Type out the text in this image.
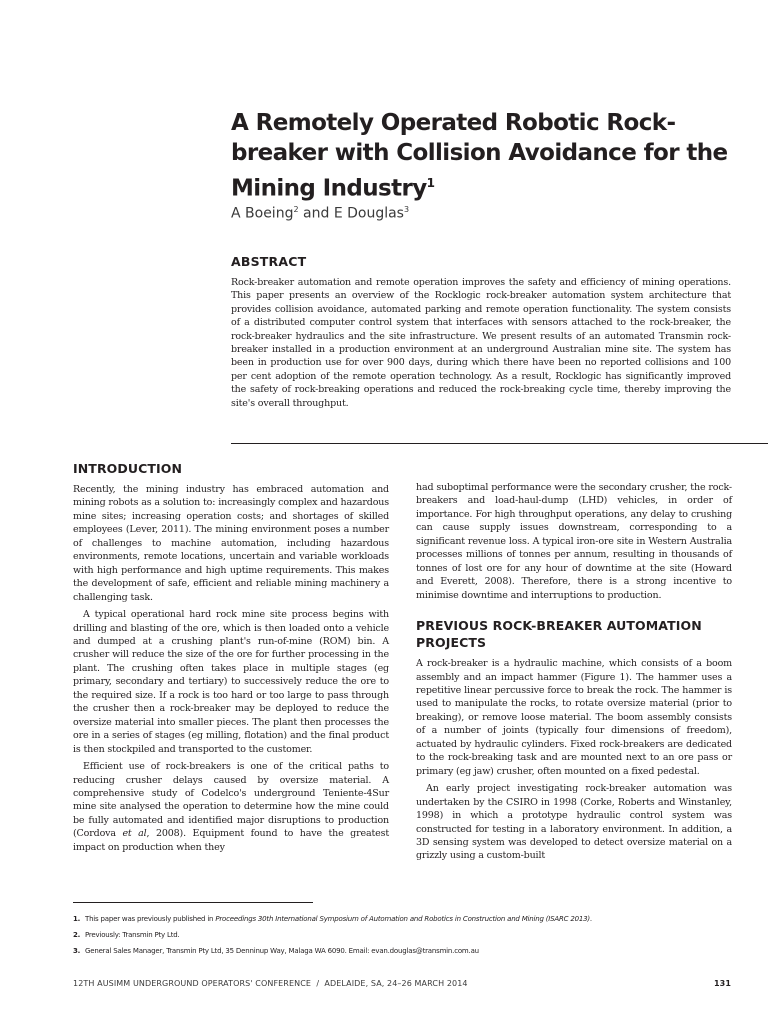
A Remotely Operated Robotic Rock-breaker with Collision Avoidance for the Mining Industry$^1$
A Boeing$^2$ and E Douglas$^3$
ABSTRACT

Rock-breaker automation and remote operation improves the safety and efficiency of mining operations. This paper presents an overview of the Rocklogic rock-breaker automation system architecture that provides collision avoidance, automated parking and remote operation functionality. The system consists of a distributed computer control system that interfaces with sensors attached to the rock-breaker, the rock-breaker hydraulics and the site infrastructure. We present results of an automated Transmin rock-breaker installed in a production environment at an underground Australian mine site. The system has been in production use for over 900 days, during which there have been no reported collisions and 100 per cent adoption of the remote operation technology. As a result, Rocklogic has significantly improved the safety of rock-breaking operations and reduced the rock-breaking cycle time, thereby improving the site's overall throughput.

INTRODUCTION

Recently, the mining industry has embraced automation and mining robots as a solution to: increasingly complex and hazardous mine sites; increasing operation costs; and shortages of skilled employees (Lever, 2011). The mining environment poses a number of challenges to machine automation, including hazardous environments, remote locations, uncertain and variable workloads with high performance and high uptime requirements. This makes the development of safe, efficient and reliable mining machinery a challenging task.

A typical operational hard rock mine site process begins with drilling and blasting of the ore, which is then loaded onto a vehicle and dumped at a crushing plant's run-of-mine (ROM) bin. A crusher will reduce the size of the ore for further processing in the plant. The crushing often takes place in multiple stages (eg primary, secondary and tertiary) to successively reduce the ore to the required size. If a rock is too hard or too large to pass through the crusher then a rock-breaker may be deployed to reduce the oversize material into smaller pieces. The plant then processes the ore in a series of stages (eg milling, flotation) and the final product is then stockpiled and transported to the customer.

Efficient use of rock-breakers is one of the critical paths to reducing crusher delays caused by oversize material. A comprehensive study of Codelco's underground Teniente-4Sur mine site analysed the operation to determine how the mine could be fully automated and identified major disruptions to production (Cordova et al, 2008). Equipment found to have the greatest impact on production when they

had suboptimal performance were the secondary crusher, the rock-breakers and load-haul-dump (LHD) vehicles, in order of importance. For high throughput operations, any delay to crushing can cause supply issues downstream, corresponding to a significant revenue loss. A typical iron-ore site in Western Australia processes millions of tonnes per annum, resulting in thousands of tonnes of lost ore for any hour of downtime at the site (Howard and Everett, 2008). Therefore, there is a strong incentive to minimise downtime and interruptions to production.

PREVIOUS ROCK-BREAKER AUTOMATION PROJECTS

A rock-breaker is a hydraulic machine, which consists of a boom assembly and an impact hammer (Figure 1). The hammer uses a repetitive linear percussive force to break the rock. The hammer is used to manipulate the rocks, to rotate oversize material (prior to breaking), or remove loose material. The boom assembly consists of a number of joints (typically four dimensions of freedom), actuated by hydraulic cylinders. Fixed rock-breakers are dedicated to the rock-breaking task and are mounted next to an ore pass or primary (eg jaw) crusher, often mounted on a fixed pedestal.

An early project investigating rock-breaker automation was undertaken by the CSIRO in 1998 (Corke, Roberts and Winstanley, 1998) in which a prototype hydraulic control system was constructed for testing in a laboratory environment. In addition, a 3D sensing system was developed to detect oversize material on a grizzly using a custom-built

1. This paper was previously published in Proceedings 30th International Symposium of Automation and Robotics in Construction and Mining (ISARC 2013).
2. Previously: Transmin Pty Ltd.
3. General Sales Manager, Transmin Pty Ltd, 35 Denninup Way, Malaga WA 6090. Email: evan.douglas@transmin.com.au
12TH AUSIMM UNDERGROUND OPERATORS' CONFERENCE  /  ADELAIDE, SA, 24–26 MARCH 2014	131
